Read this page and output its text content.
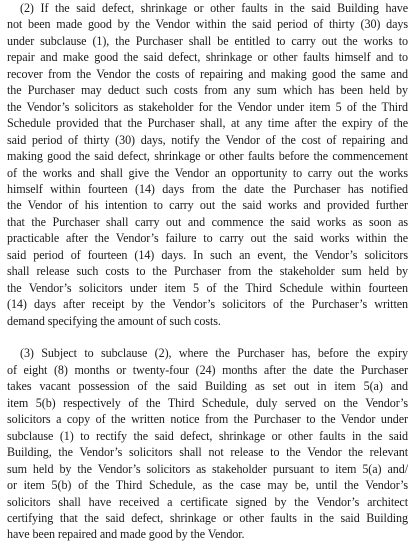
(2) If the said defect, shrinkage or other faults in the said Building have
not been made good by the Vendor within the said period of thirty (30) days
under subclause (1), the Purchaser shall be entitled to carry out the works to
repair and make good the said defect, shrinkage or other faults himself and to
recover from the Vendor the costs of repairing and making good the same and
the Purchaser may deduct such costs from any sum which has been held by
the Vendor’s solicitors as stakeholder for the Vendor under item 5 of the Third
Schedule provided that the Purchaser shall, at any time after the expiry of the
said period of thirty (30) days, notify the Vendor of the cost of repairing and
making good the said defect, shrinkage or other faults before the commencement
of the works and shall give the Vendor an opportunity to carry out the works
himself within fourteen (14) days from the date the Purchaser has notified
the Vendor of his intention to carry out the said works and provided further
that the Purchaser shall carry out and commence the said works as soon as
practicable after the Vendor’s failure to carry out the said works within the
said period of fourteen (14) days. In such an event, the Vendor’s solicitors
shall release such costs to the Purchaser from the stakeholder sum held by
the Vendor’s solicitors under item 5 of the Third Schedule within fourteen
(14) days after receipt by the Vendor’s solicitors of the Purchaser’s written
demand specifying the amount of such costs.
(3) Subject to subclause (2), where the Purchaser has, before the expiry
of eight (8) months or twenty-four (24) months after the date the Purchaser
takes vacant possession of the said Building as set out in item 5(a) and
item 5(b) respectively of the Third Schedule, duly served on the Vendor’s
solicitors a copy of the written notice from the Purchaser to the Vendor under
subclause (1) to rectify the said defect, shrinkage or other faults in the said
Building, the Vendor’s solicitors shall not release to the Vendor the relevant
sum held by the Vendor’s solicitors as stakeholder pursuant to item 5(a) and/
or item 5(b) of the Third Schedule, as the case may be, until the Vendor’s
solicitors shall have received a certificate signed by the Vendor’s architect
certifying that the said defect, shrinkage or other faults in the said Building
have been repaired and made good by the Vendor.
